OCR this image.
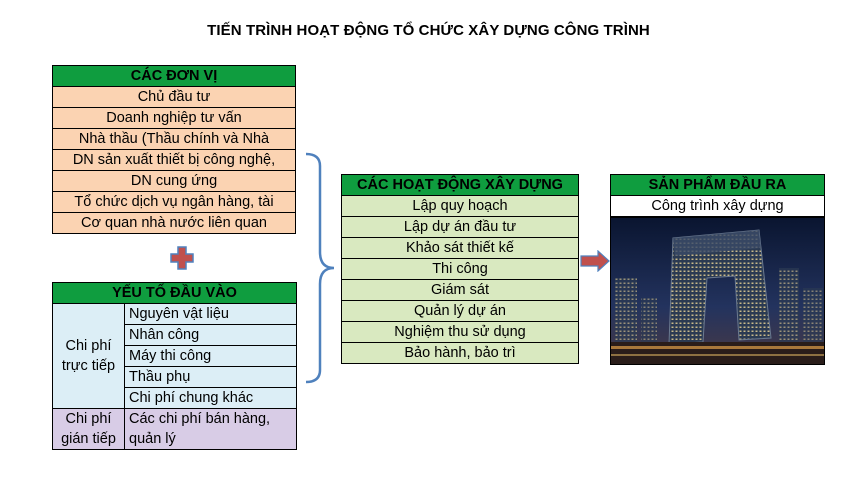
TIẾN TRÌNH HOẠT ĐỘNG TỔ CHỨC XÂY DỰNG CÔNG TRÌNH
CÁC ĐƠN VỊ
Chủ đầu tư
Doanh nghiệp tư vấn
Nhà thầu (Thầu chính và Nhà
DN sản xuất thiết bị công nghệ,
DN cung ứng
Tổ chức dịch vụ ngân hàng, tài
Cơ quan nhà nước liên quan
YẾU TỐ ĐẦU VÀO	
Chi phí trực tiếp	Nguyên vật liệu
	Nhân công
	Máy thi công
	Thầu phụ
	Chi phí chung khác
Chi phí gián tiếp	Các chi phí bán hàng, quản lý
CÁC HOẠT ĐỘNG XÂY DỰNG
Lập quy hoạch
Lập dự án đầu tư
Khảo sát thiết kế
Thi công
Giám sát
Quản lý dự án
Nghiệm thu sử dụng
Bảo hành, bảo trì
SẢN PHẨM ĐẦU RA
Công trình xây dựng
